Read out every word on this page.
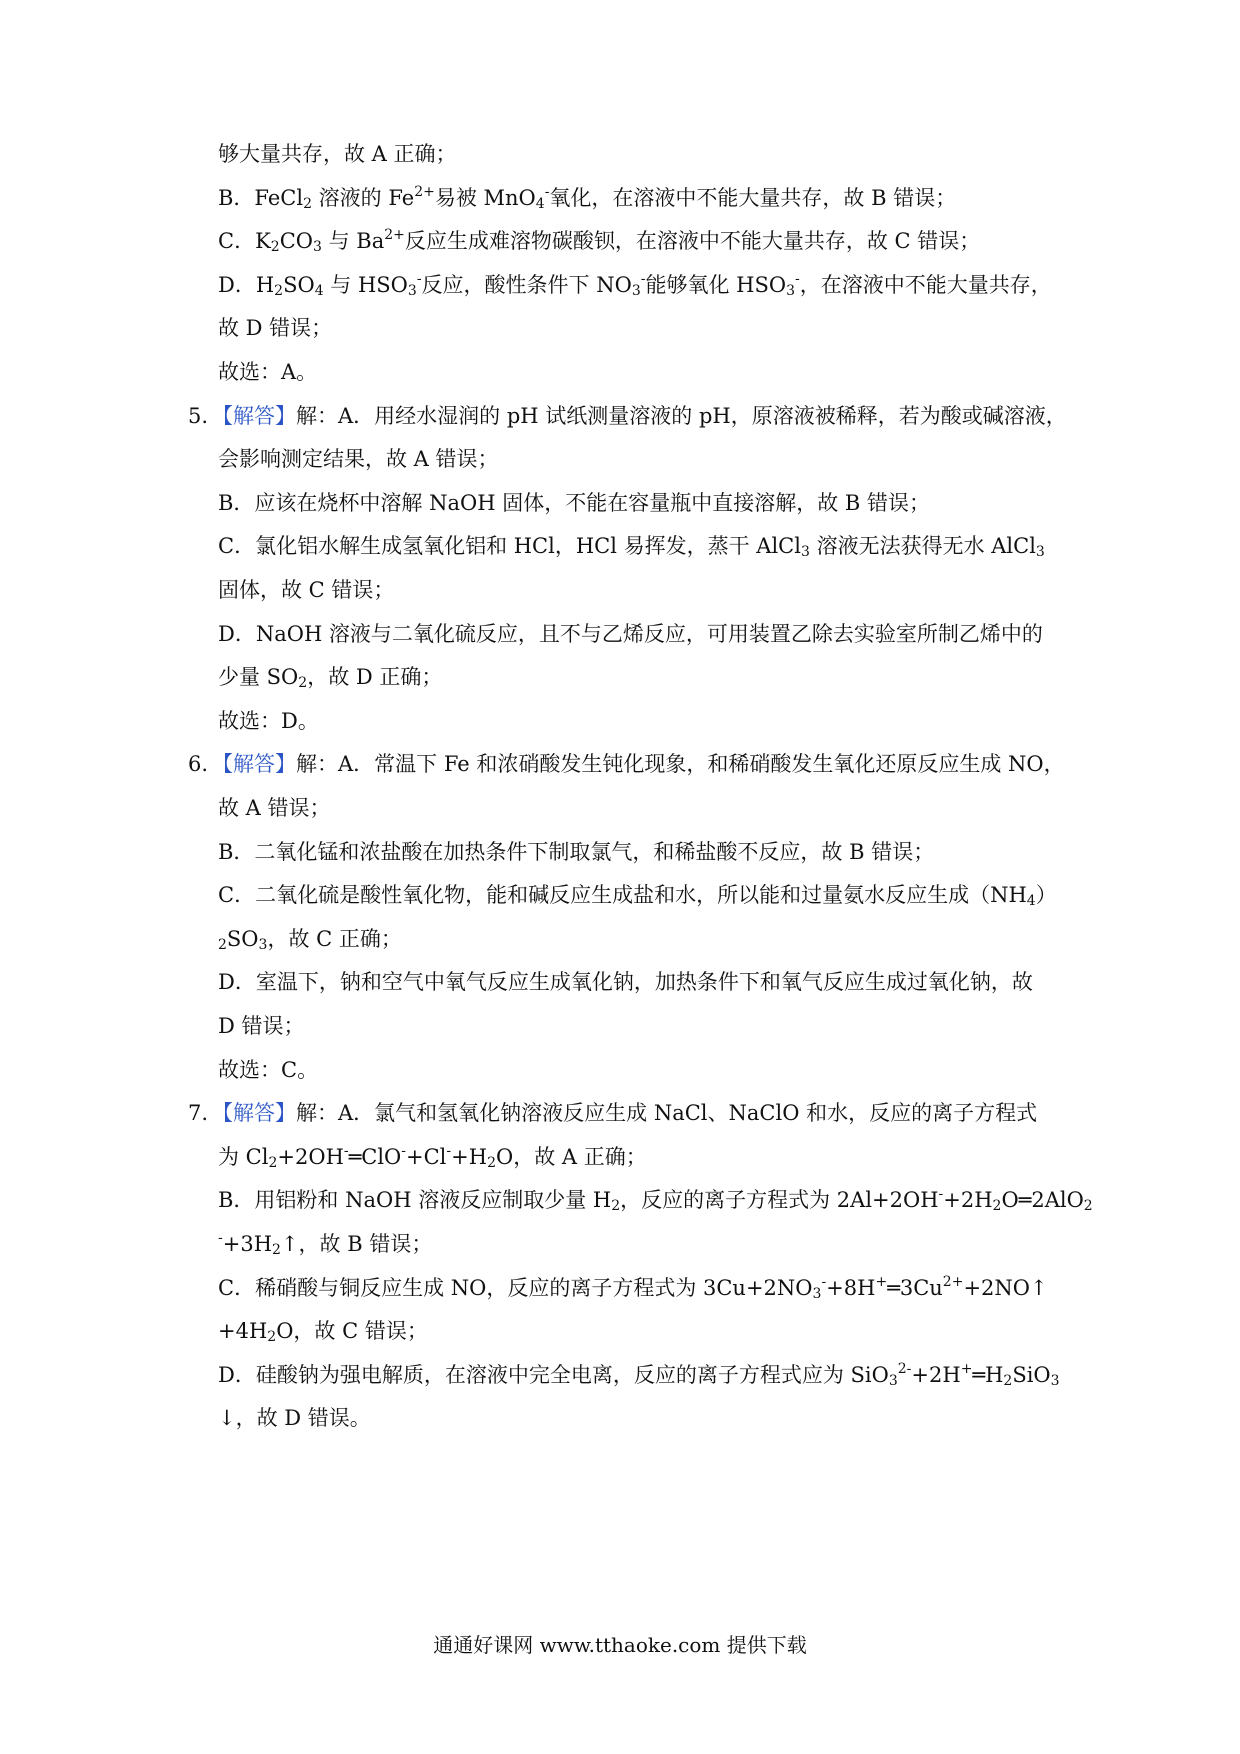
够大量共存，故 A 正确；
B．FeCl$_2$ 溶液的 $Fe^{2+}$易被 MnO$_4$-氧化，在溶液中不能大量共存，故 B 错误；
C．$K_2CO_3$ 与 $Ba^{2+}$反应生成难溶物碳酸钡，在溶液中不能大量共存，故 C 错误；
D．$H_2SO_4$ 与 $HSO_3^-$反应，酸性条件下 $NO_3^-$能够氧化 $HSO_3^-$，在溶液中不能大量共存，
故 D 错误；
故选：A。
5. 【解答】解：A．用经水湿润的 pH 试纸测量溶液的 pH，原溶液被稀释，若为酸或碱溶液，
会影响测定结果，故 A 错误；
B．应该在烧杯中溶解 NaOH 固体，不能在容量瓶中直接溶解，故 B 错误；
C．氯化铝水解生成氢氧化铝和 HCl，HCl 易挥发，蒸干 AlCl$_3$ 溶液无法获得无水 AlCl$_3$
固体，故 C 错误；
D．NaOH 溶液与二氧化硫反应，且不与乙烯反应，可用装置乙除去实验室所制乙烯中的
少量 $SO_2$，故 D 正确；
故选：D。
6. 【解答】解：A．常温下 Fe 和浓硝酸发生钝化现象，和稀硝酸发生氧化还原反应生成 NO，
故 A 错误；
B．二氧化锰和浓盐酸在加热条件下制取氯气，和稀盐酸不反应，故 B 错误；
C．二氧化硫是酸性氧化物，能和碱反应生成盐和水，所以能和过量氨水反应生成$(NH_4)$
$_2SO_3$，故 C 正确；
D．室温下，钠和空气中氧气反应生成氧化钠，加热条件下和氧气反应生成过氧化钠，故
D 错误；
故选：C。
7. 【解答】解：A．氯气和氢氧化钠溶液反应生成 NaCl、NaClO 和水，反应的离子方程式
为 $Cl_2+2OH^-═ClO^-+Cl^-+H_2O$，故 A 正确；
B．用铝粉和 NaOH 溶液反应制取少量 $H_2$，反应的离子方程式为 $2Al+2OH^-+2H_2O═2AlO_2$
$^-+3H_2↑$，故 B 错误；
C．稀硝酸与铜反应生成 NO，反应的离子方程式为 $3Cu+2NO_3^-+8H^+═3Cu^{2+}+2NO↑$
$+4H_2O$，故 C 错误；
D．硅酸钠为强电解质，在溶液中完全电离，反应的离子方程式应为 $SiO_3^{2-}+2H^+═H_2SiO_3$
↓，故 D 错误。
通通好课网 www.tthaoke.com 提供下载
